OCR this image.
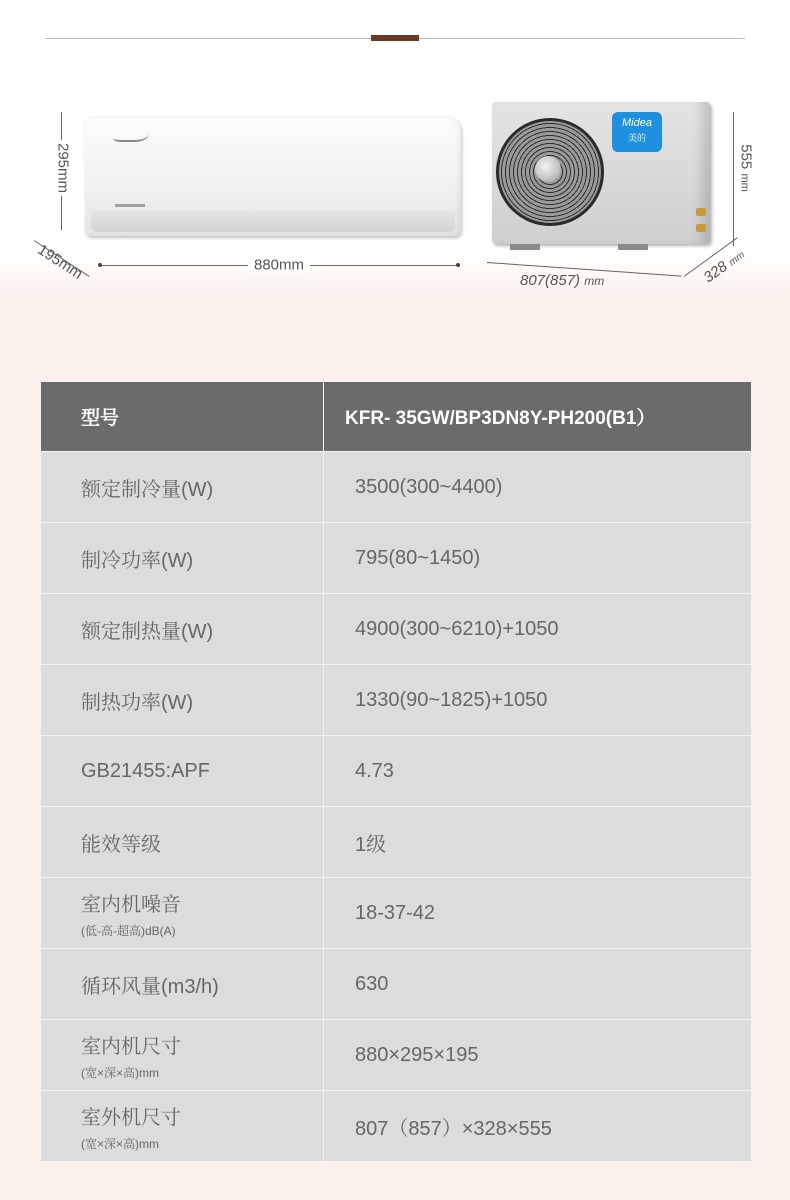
295mm
195mm	880mm
Midea
美的
555 mm
807(857) mm	328 mm
型号	KFR- 35GW/BP3DN8Y-PH200(B1）
额定制冷量(W)	3500(300~4400)
制冷功率(W)	795(80~1450)
额定制热量(W)	4900(300~6210)+1050
制热功率(W)	1330(90~1825)+1050
GB21455:APF	4.73
能效等级	1级
室内机噪音
(低-高-超高)dB(A)	18-37-42
循环风量(m3/h)	630
室内机尺寸
(宽×深×高)mm	880×295×195
室外机尺寸
(宽×深×高)mm	807（857）×328×555
